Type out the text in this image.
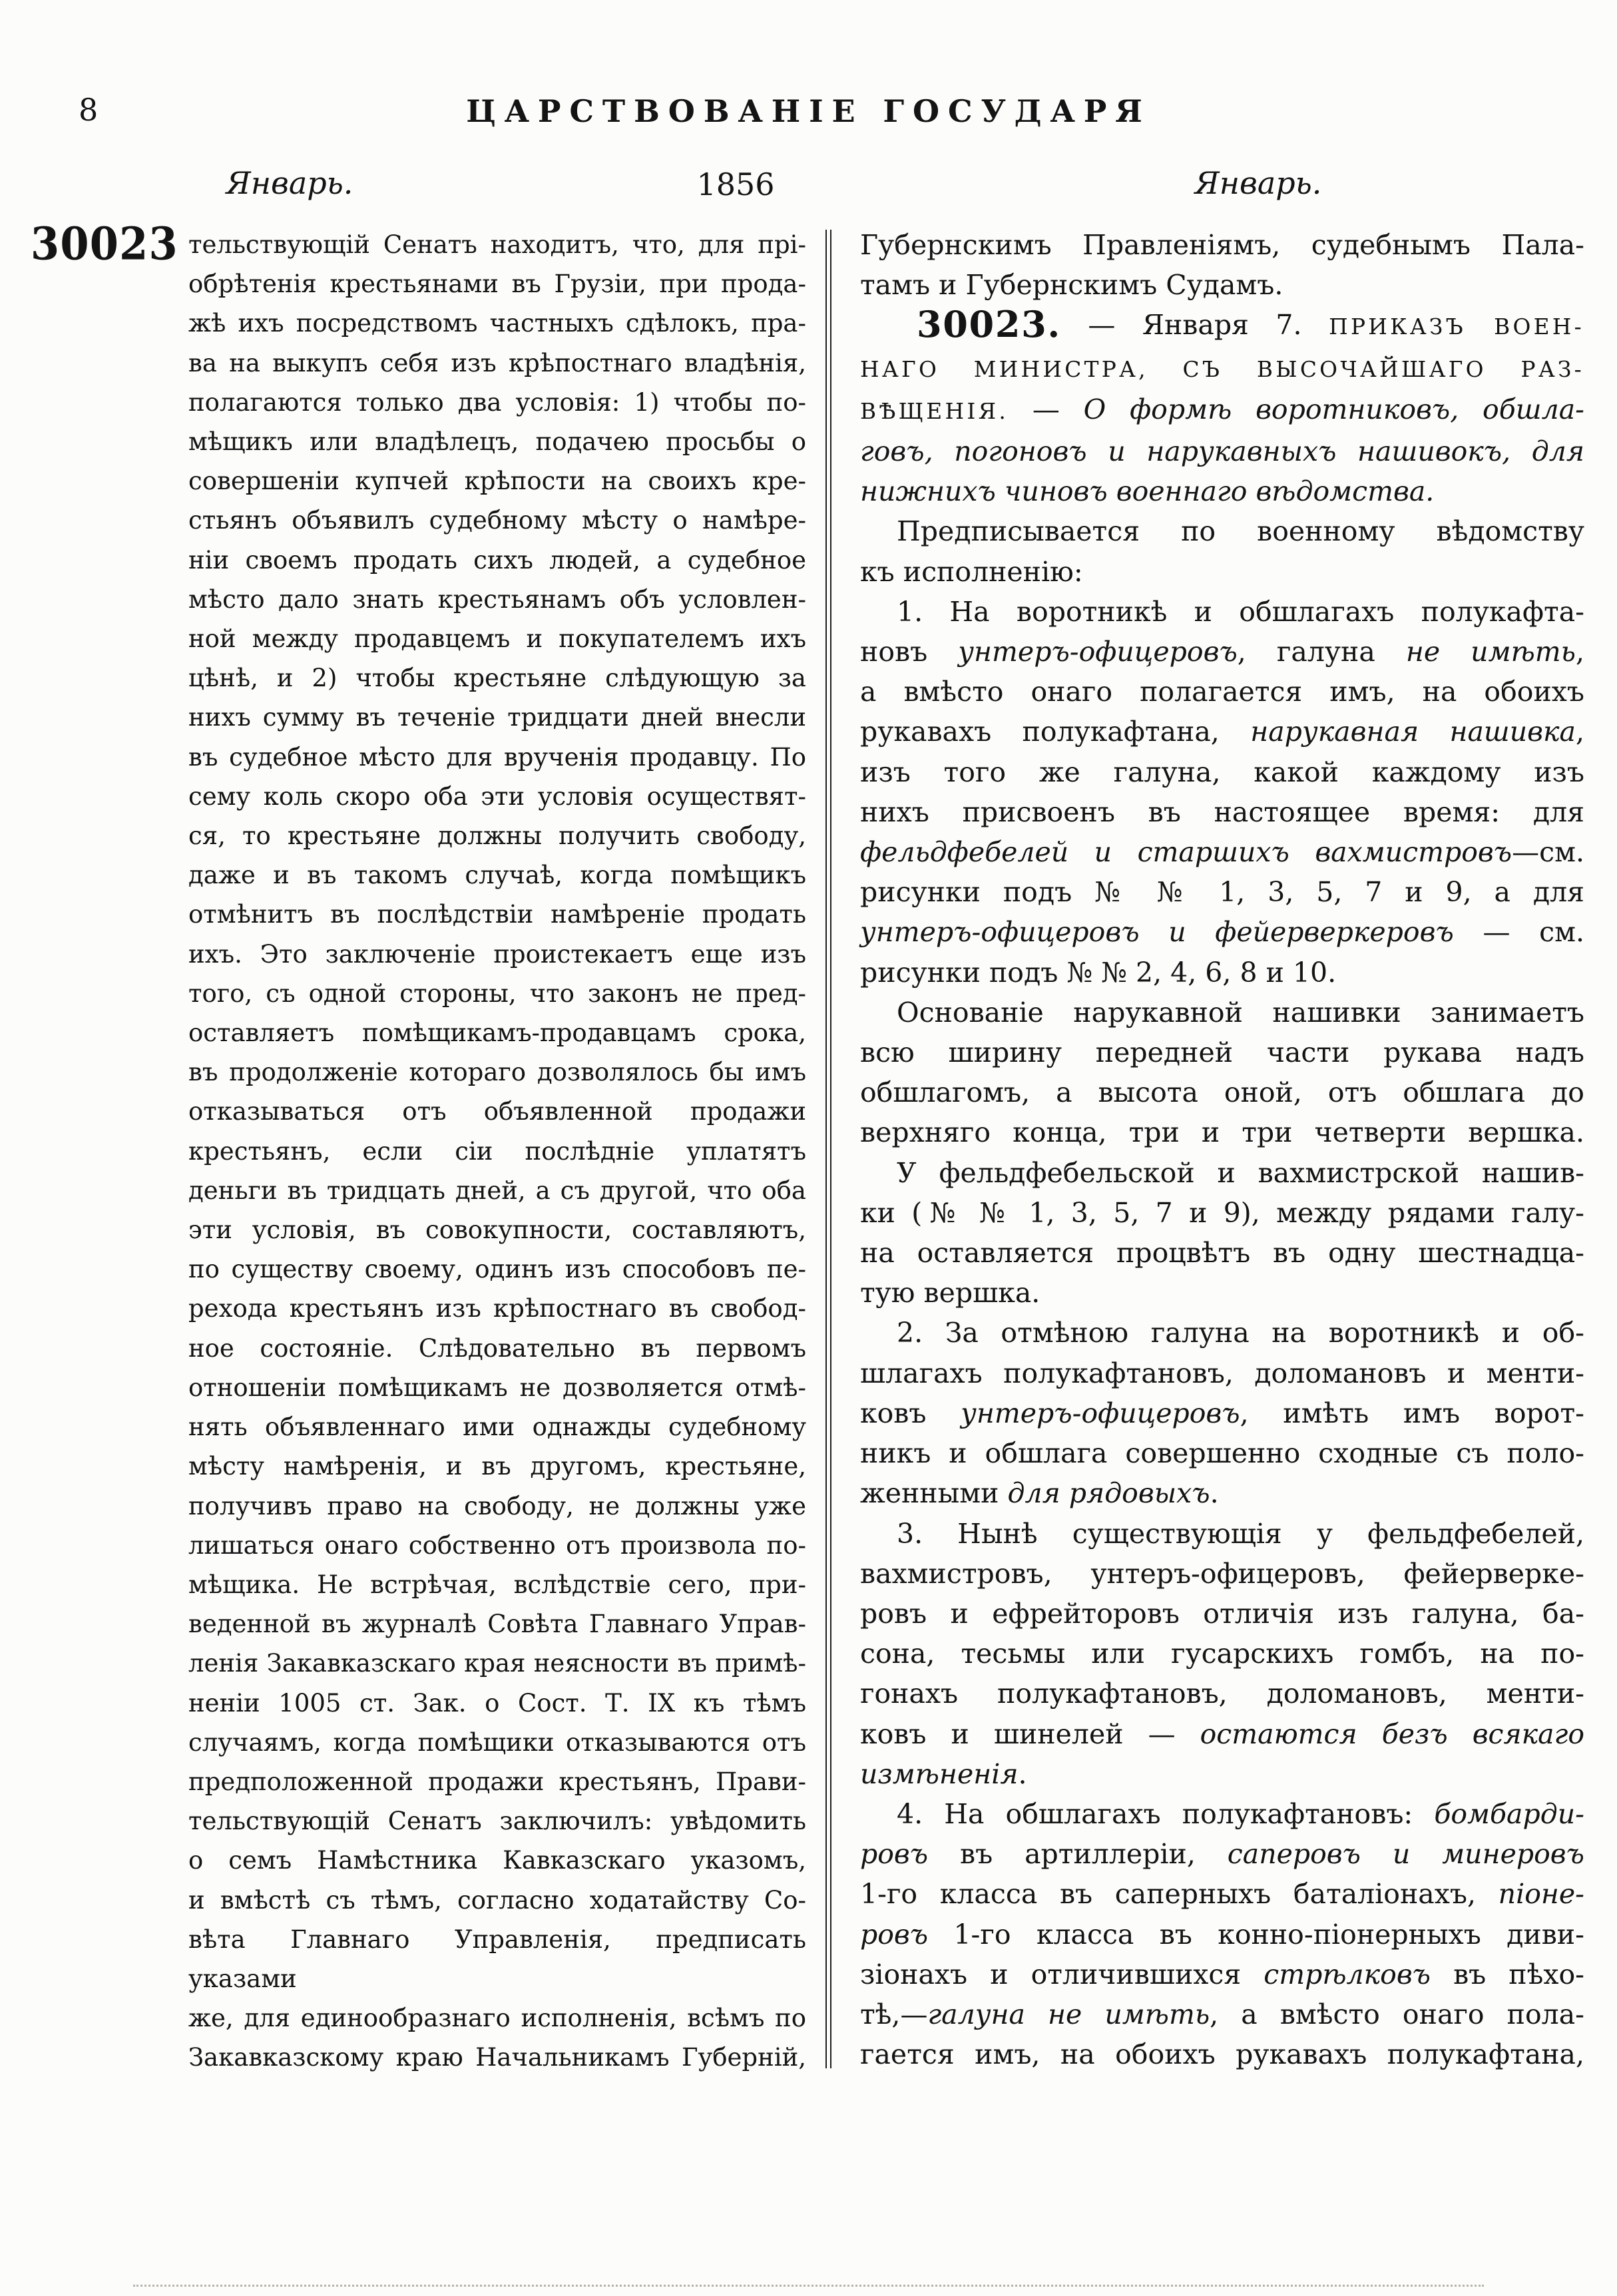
8	ЦАРСТВОВАНІЕ ГОСУДАРЯ
Январь.	1856	Январь.
30023 тельствующій Сенатъ находитъ, что, для прі-
обрѣтенія крестьянами въ Грузіи, при прода-
жѣ ихъ посредствомъ частныхъ сдѣлокъ, пра-
ва на выкупъ себя изъ крѣпостнаго владѣнія,
полагаются только два условія: 1) чтобы по-
мѣщикъ или владѣлецъ, подачею просьбы о
совершеніи купчей крѣпости на своихъ кре-
стьянъ объявилъ судебному мѣсту о намѣре-
ніи своемъ продать сихъ людей, а судебное
мѣсто дало знать крестьянамъ объ условлен-
ной между продавцемъ и покупателемъ ихъ
цѣнѣ, и 2) чтобы крестьяне слѣдующую за
нихъ сумму въ теченіе тридцати дней внесли
въ судебное мѣсто для врученія продавцу. По
сему коль скоро оба эти условія осуществят-
ся, то крестьяне должны получить свободу,
даже и въ такомъ случаѣ, когда помѣщикъ
отмѣнитъ въ послѣдствіи намѣреніе продать
ихъ. Это заключеніе проистекаетъ еще изъ
того, съ одной стороны, что законъ не пред-
оставляетъ помѣщикамъ-продавцамъ срока,
въ продолженіе котораго дозволялось бы имъ
отказываться отъ объявленной продажи
крестьянъ, если сіи послѣдніе уплатятъ
деньги въ тридцать дней, а съ другой, что оба
эти условія, въ совокупности, составляютъ,
по существу своему, одинъ изъ способовъ пе-
рехода крестьянъ изъ крѣпостнаго въ свобод-
ное состояніе. Слѣдовательно въ первомъ
отношеніи помѣщикамъ не дозволяется отмѣ-
нять объявленнаго ими однажды судебному
мѣсту намѣренія, и въ другомъ, крестьяне,
получивъ право на свободу, не должны уже
лишаться онаго собственно отъ произвола по-
мѣщика. Не встрѣчая, вслѣдствіе сего, при-
веденной въ журналѣ Совѣта Главнаго Управ-
ленія Закавказскаго края неясности въ примѣ-
неніи 1005 ст. Зак. о Сост. Т. IX къ тѣмъ
случаямъ, когда помѣщики отказываются отъ
предположенной продажи крестьянъ, Прави-
тельствующій Сенатъ заключилъ: увѣдомить
о семъ Намѣстника Кавказскаго указомъ,
и вмѣстѣ съ тѣмъ, согласно ходатайству Со-
вѣта Главнаго Управленія, предписать указами
же, для единообразнаго исполненія, всѣмъ по
Закавказскому краю Начальникамъ Губерній,
Губернскимъ Правленіямъ, судебнымъ Пала-
тамъ и Губернскимъ Судамъ.
30023. — Января 7. ПРИКАЗЪ ВОЕН-
НАГО МИНИСТРА, СЪ ВЫСОЧАЙШАГО РАЗ-
ВѢЩЕНІЯ. — О формѣ воротниковъ, обшла-
говъ, погоновъ и нарукавныхъ нашивокъ, для
нижнихъ чиновъ военнаго вѣдомства.
Предписывается по военному вѣдомству
къ исполненію:
1. На воротникѣ и обшлагахъ полукафта-
новъ унтеръ-офицеровъ, галуна не имѣть,
а вмѣсто онаго полагается имъ, на обоихъ
рукавахъ полукафтана, нарукавная нашивка,
изъ того же галуна, какой каждому изъ
нихъ присвоенъ въ настоящее время: для
фельдфебелей и старшихъ вахмистровъ—см.
рисунки подъ № № 1, 3, 5, 7 и 9, а для
унтеръ-офицеровъ и фейерверкеровъ — см.
рисунки подъ № № 2, 4, 6, 8 и 10.
Основаніе нарукавной нашивки занимаетъ
всю ширину передней части рукава надъ
обшлагомъ, а высота оной, отъ обшлага до
верхняго конца, три и три четверти вершка.
У фельдфебельской и вахмистрской нашив-
ки (№ № 1, 3, 5, 7 и 9), между рядами галу-
на оставляется процвѣтъ въ одну шестнадца-
тую вершка.
2. За отмѣною галуна на воротникѣ и об-
шлагахъ полукафтановъ, доломановъ и менти-
ковъ унтеръ-офицеровъ, имѣть имъ ворот-
никъ и обшлага совершенно сходные съ поло-
женными для рядовыхъ.
3. Нынѣ существующія у фельдфебелей,
вахмистровъ, унтеръ-офицеровъ, фейерверке-
ровъ и ефрейторовъ отличія изъ галуна, ба-
сона, тесьмы или гусарскихъ гомбъ, на по-
гонахъ полукафтановъ, доломановъ, менти-
ковъ и шинелей — остаются безъ всякаго
измѣненія.
4. На обшлагахъ полукафтановъ: бомбарди-
ровъ въ артиллеріи, саперовъ и минеровъ
1-го класса въ саперныхъ баталіонахъ, піоне-
ровъ 1-го класса въ конно-піонерныхъ диви-
зіонахъ и отличившихся стрѣлковъ въ пѣхо-
тѣ,—галуна не имѣть, а вмѣсто онаго пола-
гается имъ, на обоихъ рукавахъ полукафтана,
